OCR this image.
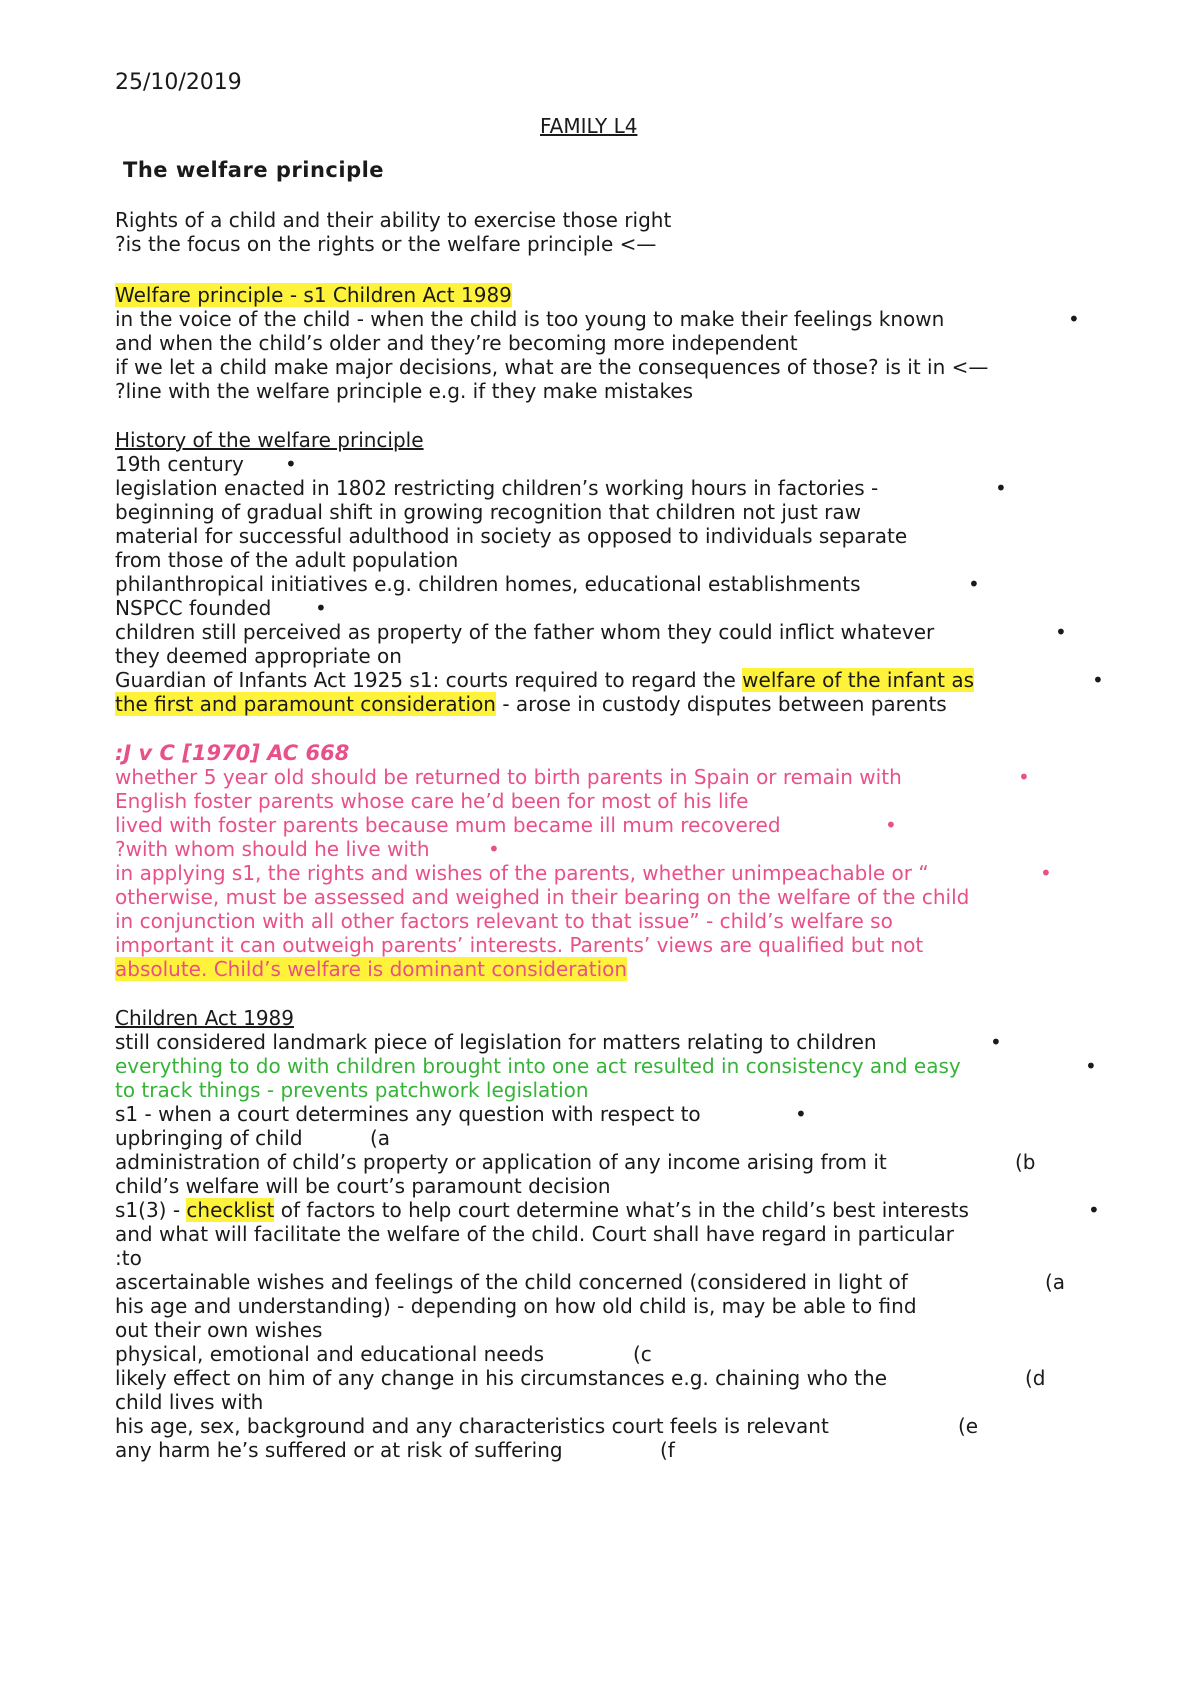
25/10/2019
FAMILY L4
The welfare principle
Rights of a child and their ability to exercise those right
?is the focus on the rights or the welfare principle <—
Welfare principle - s1 Children Act 1989
in the voice of the child - when the child is too young to make their feelings known	•
and when the child’s older and they’re becoming more independent
if we let a child make major decisions, what are the consequences of those? is it in <—
?line with the welfare principle e.g. if they make mistakes
History of the welfare principle
19th century	•
legislation enacted in 1802 restricting children’s working hours in factories -	•
beginning of gradual shift in growing recognition that children not just raw
material for successful adulthood in society as opposed to individuals separate
from those of the adult population
philanthropical initiatives e.g. children homes, educational establishments	•
NSPCC founded	•
children still perceived as property of the father whom they could inflict whatever	•
they deemed appropriate on
Guardian of Infants Act 1925 s1: courts required to regard the welfare of the infant as	•
the first and paramount consideration - arose in custody disputes between parents
:J v C [1970] AC 668
whether 5 year old should be returned to birth parents in Spain or remain with	•
English foster parents whose care he’d been for most of his life
lived with foster parents because mum became ill mum recovered	•
?with whom should he live with	•
in applying s1, the rights and wishes of the parents, whether unimpeachable or “	•
otherwise, must be assessed and weighed in their bearing on the welfare of the child
in conjunction with all other factors relevant to that issue” - child’s welfare so
important it can outweigh parents’ interests. Parents’ views are qualified but not
absolute. Child’s welfare is dominant consideration
Children Act 1989
still considered landmark piece of legislation for matters relating to children	•
everything to do with children brought into one act resulted in consistency and easy	•
to track things - prevents patchwork legislation
s1 - when a court determines any question with respect to	•
upbringing of child	(a
administration of child’s property or application of any income arising from it	(b
child’s welfare will be court’s paramount decision
s1(3) - checklist of factors to help court determine what’s in the child’s best interests	•
and what will facilitate the welfare of the child. Court shall have regard in particular
:to
ascertainable wishes and feelings of the child concerned (considered in light of	(a
his age and understanding) - depending on how old child is, may be able to find
out their own wishes
physical, emotional and educational needs	(c
likely effect on him of any change in his circumstances e.g. chaining who the	(d
child lives with
his age, sex, background and any characteristics court feels is relevant	(e
any harm he’s suffered or at risk of suffering	(f
